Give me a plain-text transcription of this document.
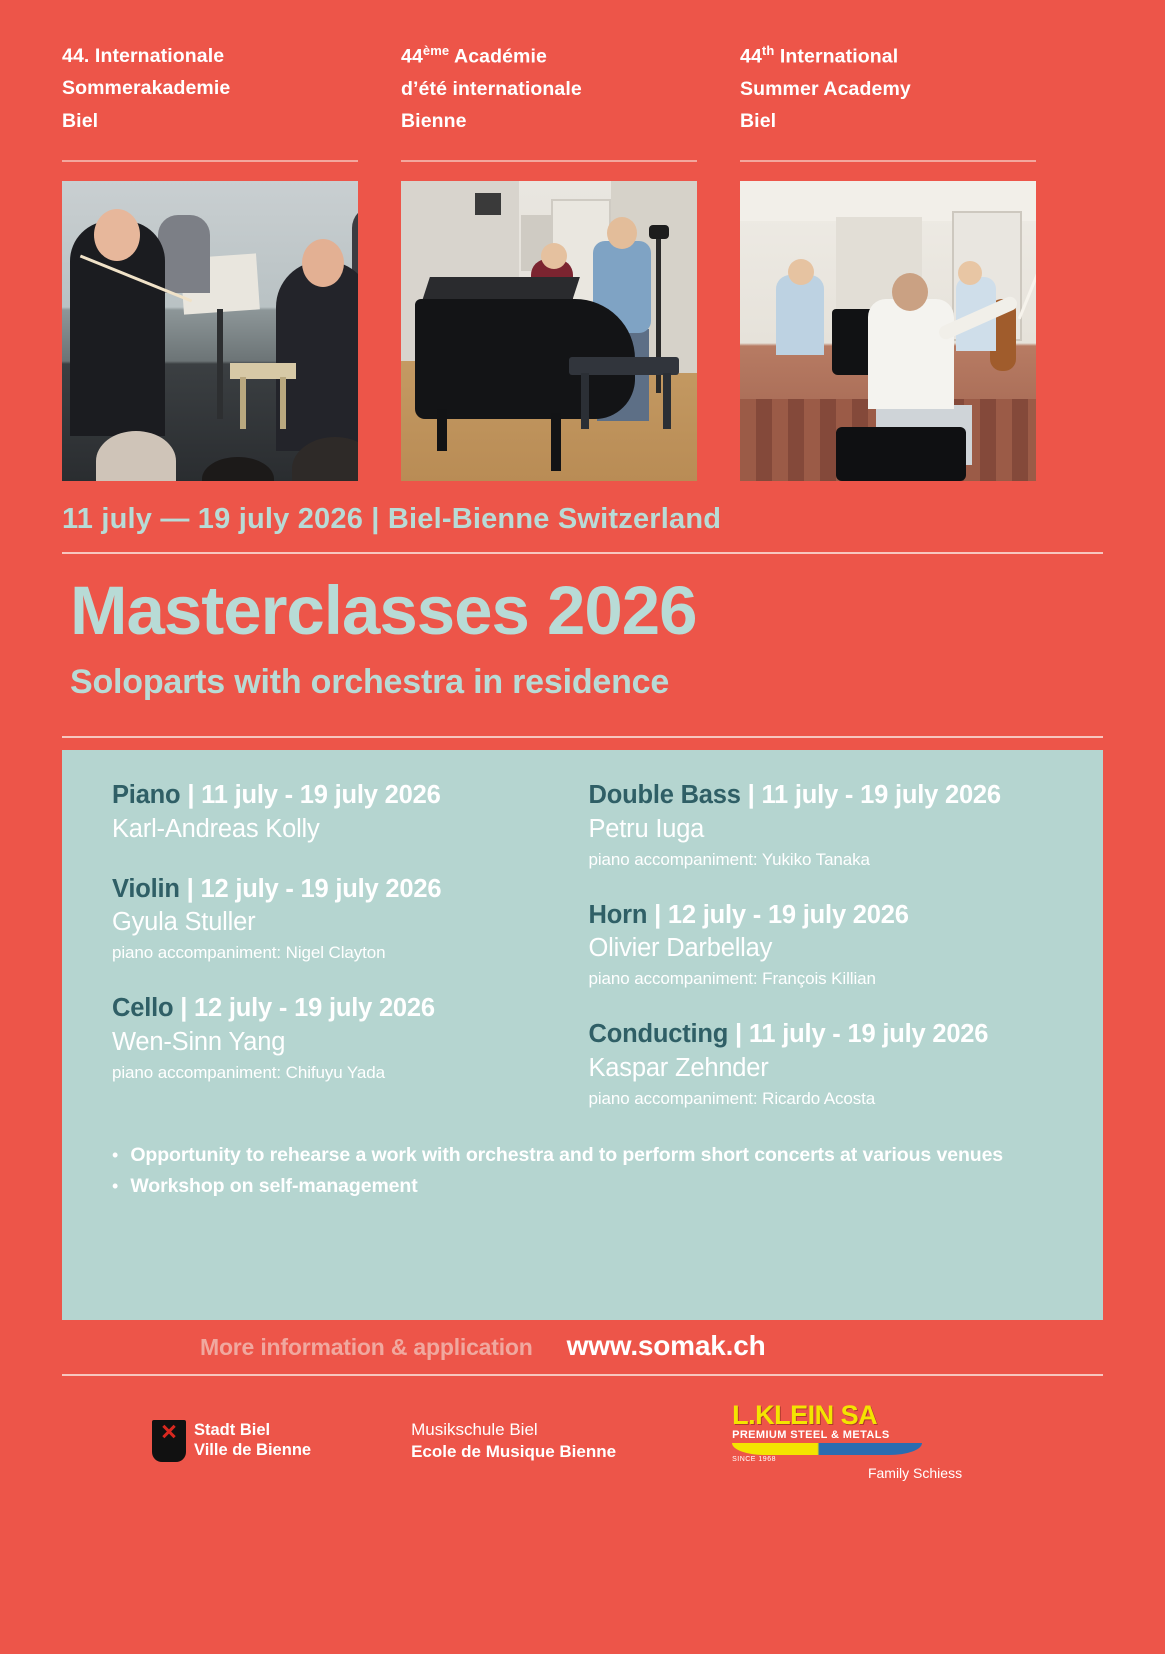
44. Internationale
Sommerakademie
Biel
44ème Académie
d’été internationale
Bienne
44th International
Summer Academy
Biel
11 july — 19 july 2026 | Biel-Bienne Switzerland
Masterclasses 2026
Soloparts with orchestra in residence
Piano | 11 july - 19 july 2026
Karl-Andreas Kolly
Violin | 12 july - 19 july 2026
Gyula Stuller
piano accompaniment: Nigel Clayton
Cello | 12 july - 19 july 2026
Wen-Sinn Yang
piano accompaniment: Chifuyu Yada
Double Bass | 11 july - 19 july 2026
Petru Iuga
piano accompaniment: Yukiko Tanaka
Horn | 12 july - 19 july 2026
Olivier Darbellay
piano accompaniment: François Killian
Conducting | 11 july - 19 july 2026
Kaspar Zehnder
piano accompaniment: Ricardo Acosta
• Opportunity to rehearse a work with orchestra and to perform short concerts at various venues
• Workshop on self-management
More information & application www.somak.ch
Stadt Biel
Ville de Bienne
Musikschule Biel
Ecole de Musique Bienne
L.KLEIN SA
PREMIUM STEEL & METALS
SINCE 1968
Family Schiess
